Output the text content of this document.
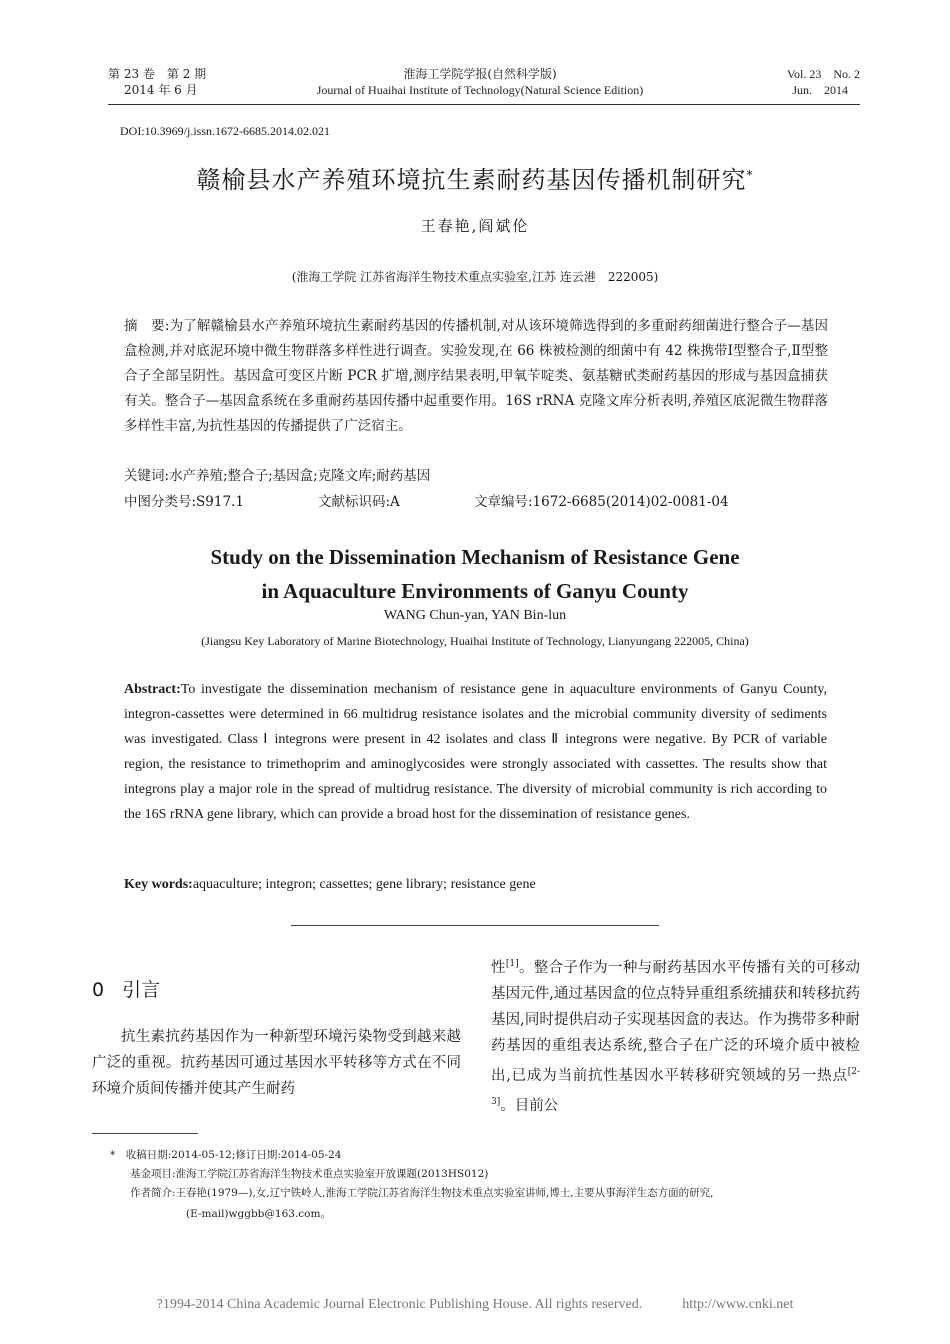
第 23 卷　第 2 期
2014 年 6 月
淮海工学院学报(自然科学版)
Journal of Huaihai Institute of Technology(Natural Science Edition)
Vol. 23　No. 2
Jun.　2014
DOI:10.3969/j.issn.1672-6685.2014.02.021
赣榆县水产养殖环境抗生素耐药基因传播机制研究*
王春艳,阎斌伦
(淮海工学院 江苏省海洋生物技术重点实验室,江苏 连云港　222005)
摘　要:为了解赣榆县水产养殖环境抗生素耐药基因的传播机制,对从该环境筛选得到的多重耐药细菌进行整合子—基因盒检测,并对底泥环境中微生物群落多样性进行调查。实验发现,在 66 株被检测的细菌中有 42 株携带Ⅰ型整合子,Ⅱ型整合子全部呈阴性。基因盒可变区片断 PCR 扩增,测序结果表明,甲氧苄啶类、氨基糖甙类耐药基因的形成与基因盒捕获有关。整合子—基因盒系统在多重耐药基因传播中起重要作用。16S rRNA 克隆文库分析表明,养殖区底泥微生物群落多样性丰富,为抗性基因的传播提供了广泛宿主。
关键词:水产养殖;整合子;基因盒;克隆文库;耐药基因
中图分类号:S917.1	文献标识码:A	文章编号:1672-6685(2014)02-0081-04
Study on the Dissemination Mechanism of Resistance Gene
in Aquaculture Environments of Ganyu County
WANG Chun-yan, YAN Bin-lun
(Jiangsu Key Laboratory of Marine Biotechnology, Huaihai Institute of Technology, Lianyungang 222005, China)
Abstract:To investigate the dissemination mechanism of resistance gene in aquaculture environments of Ganyu County, integron-cassettes were determined in 66 multidrug resistance isolates and the microbial community diversity of sediments was investigated. Class Ⅰ integrons were present in 42 isolates and class Ⅱ integrons were negative. By PCR of variable region, the resistance to trimethoprim and aminoglycosides were strongly associated with cassettes. The results show that integrons play a major role in the spread of multidrug resistance. The diversity of microbial community is rich according to the 16S rRNA gene library, which can provide a broad host for the dissemination of resistance genes.
Key words:aquaculture; integron; cassettes; gene library; resistance gene
0 引言
抗生素抗药基因作为一种新型环境污染物受到越来越广泛的重视。抗药基因可通过基因水平转移等方式在不同环境介质间传播并使其产生耐药
性[1]。整合子作为一种与耐药基因水平传播有关的可移动基因元件,通过基因盒的位点特异重组系统捕获和转移抗药基因,同时提供启动子实现基因盒的表达。作为携带多种耐药基因的重组表达系统,整合子在广泛的环境介质中被检出,已成为当前抗性基因水平转移研究领域的另一热点[2-3]。目前公
*　收稿日期:2014-05-12;修订日期:2014-05-24
基金项目:淮海工学院江苏省海洋生物技术重点实验室开放课题(2013HS012)
作者简介:王春艳(1979—),女,辽宁铁岭人,淮海工学院江苏省海洋生物技术重点实验室讲师,博士,主要从事海洋生态方面的研究,
(E-mail)wggbb@163.com。
?1994-2014 China Academic Journal Electronic Publishing House. All rights reserved.	http://www.cnki.net
